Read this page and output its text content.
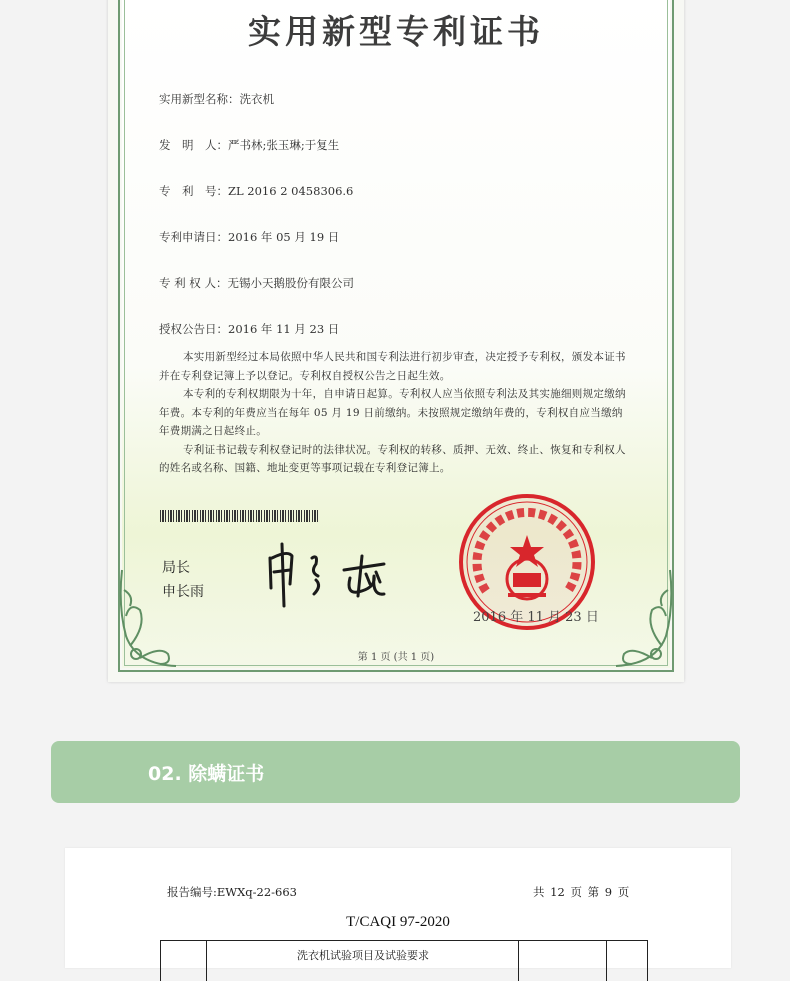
实用新型专利证书
实用新型名称：洗衣机
发　明　人：严书林;张玉琳;于复生
专　利　号：ZL 2016 2 0458306.6
专利申请日：2016 年 05 月 19 日
专 利 权 人：无锡小天鹅股份有限公司
授权公告日：2016 年 11 月 23 日

本实用新型经过本局依照中华人民共和国专利法进行初步审查，决定授予专利权，颁发本证书并在专利登记簿上予以登记。专利权自授权公告之日起生效。

本专利的专利权期限为十年，自申请日起算。专利权人应当依照专利法及其实施细则规定缴纳年费。本专利的年费应当在每年 05 月 19 日前缴纳。未按照规定缴纳年费的，专利权自应当缴纳年费期满之日起终止。

专利证书记载专利权登记时的法律状况。专利权的转移、质押、无效、终止、恢复和专利权人的姓名或名称、国籍、地址变更等事项记载在专利登记簿上。

局长
申长雨
2016 年 11 月 23 日
第 1 页 (共 1 页)
02. 除螨证书
报告编号:EWXq-22-663	共 12 页 第 9 页
T/CAQI 97-2020
洗衣机试验项目及试验要求
